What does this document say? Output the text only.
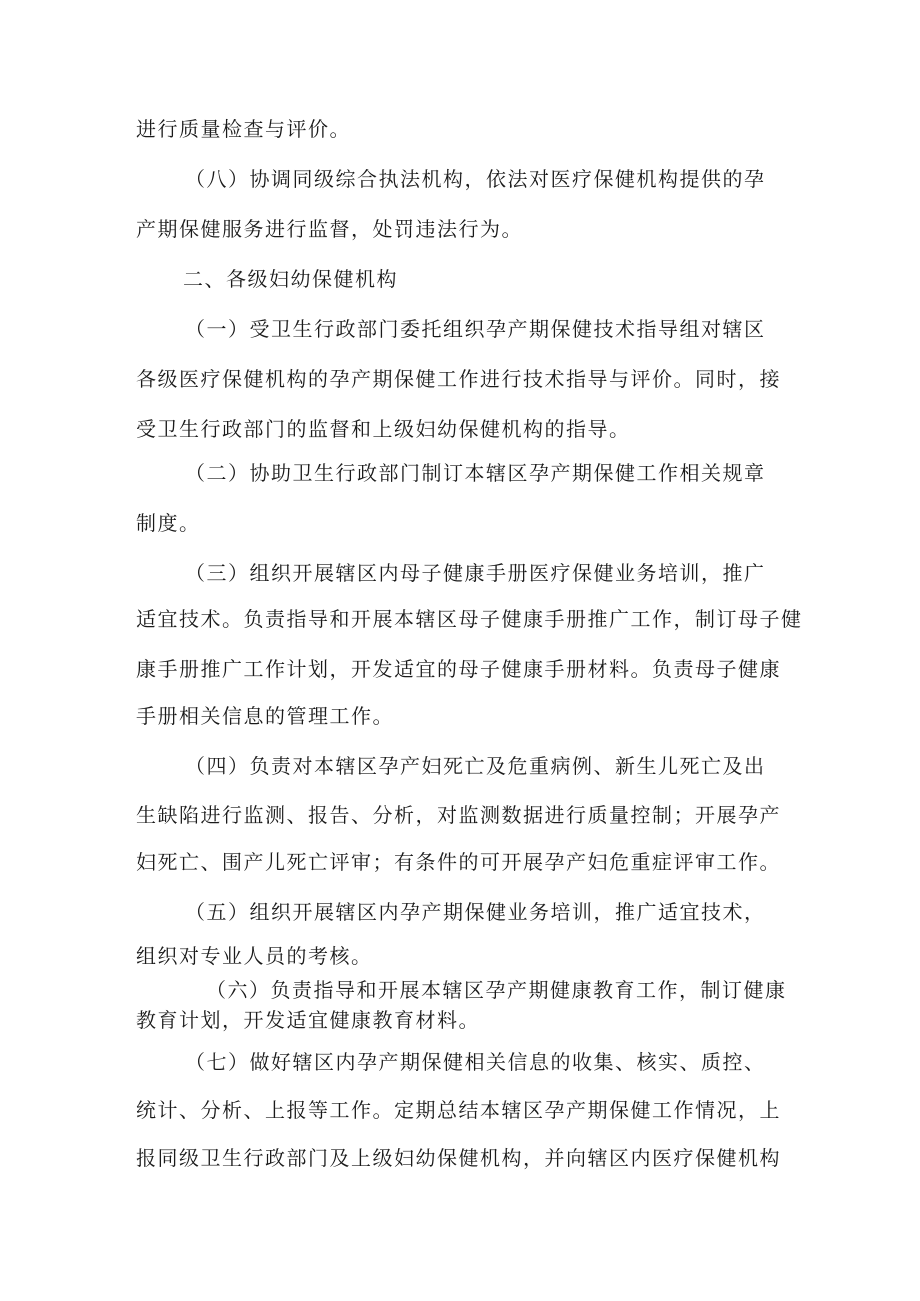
进行质量检查与评价。
（八）协调同级综合执法机构，依法对医疗保健机构提供的孕
产期保健服务进行监督，处罚违法行为。
二、各级妇幼保健机构
（一）受卫生行政部门委托组织孕产期保健技术指导组对辖区
各级医疗保健机构的孕产期保健工作进行技术指导与评价。同时，接
受卫生行政部门的监督和上级妇幼保健机构的指导。
（二）协助卫生行政部门制订本辖区孕产期保健工作相关规章
制度。
（三）组织开展辖区内母子健康手册医疗保健业务培训，推广
适宜技术。负责指导和开展本辖区母子健康手册推广工作，制订母子健
康手册推广工作计划，开发适宜的母子健康手册材料。负责母子健康
手册相关信息的管理工作。
（四）负责对本辖区孕产妇死亡及危重病例、新生儿死亡及出
生缺陷进行监测、报告、分析，对监测数据进行质量控制；开展孕产
妇死亡、围产儿死亡评审；有条件的可开展孕产妇危重症评审工作。
（五）组织开展辖区内孕产期保健业务培训，推广适宜技术，
组织对专业人员的考核。
（六）负责指导和开展本辖区孕产期健康教育工作，制订健康
教育计划，开发适宜健康教育材料。
（七）做好辖区内孕产期保健相关信息的收集、核实、质控、
统计、分析、上报等工作。定期总结本辖区孕产期保健工作情况，上
报同级卫生行政部门及上级妇幼保健机构，并向辖区内医疗保健机构
